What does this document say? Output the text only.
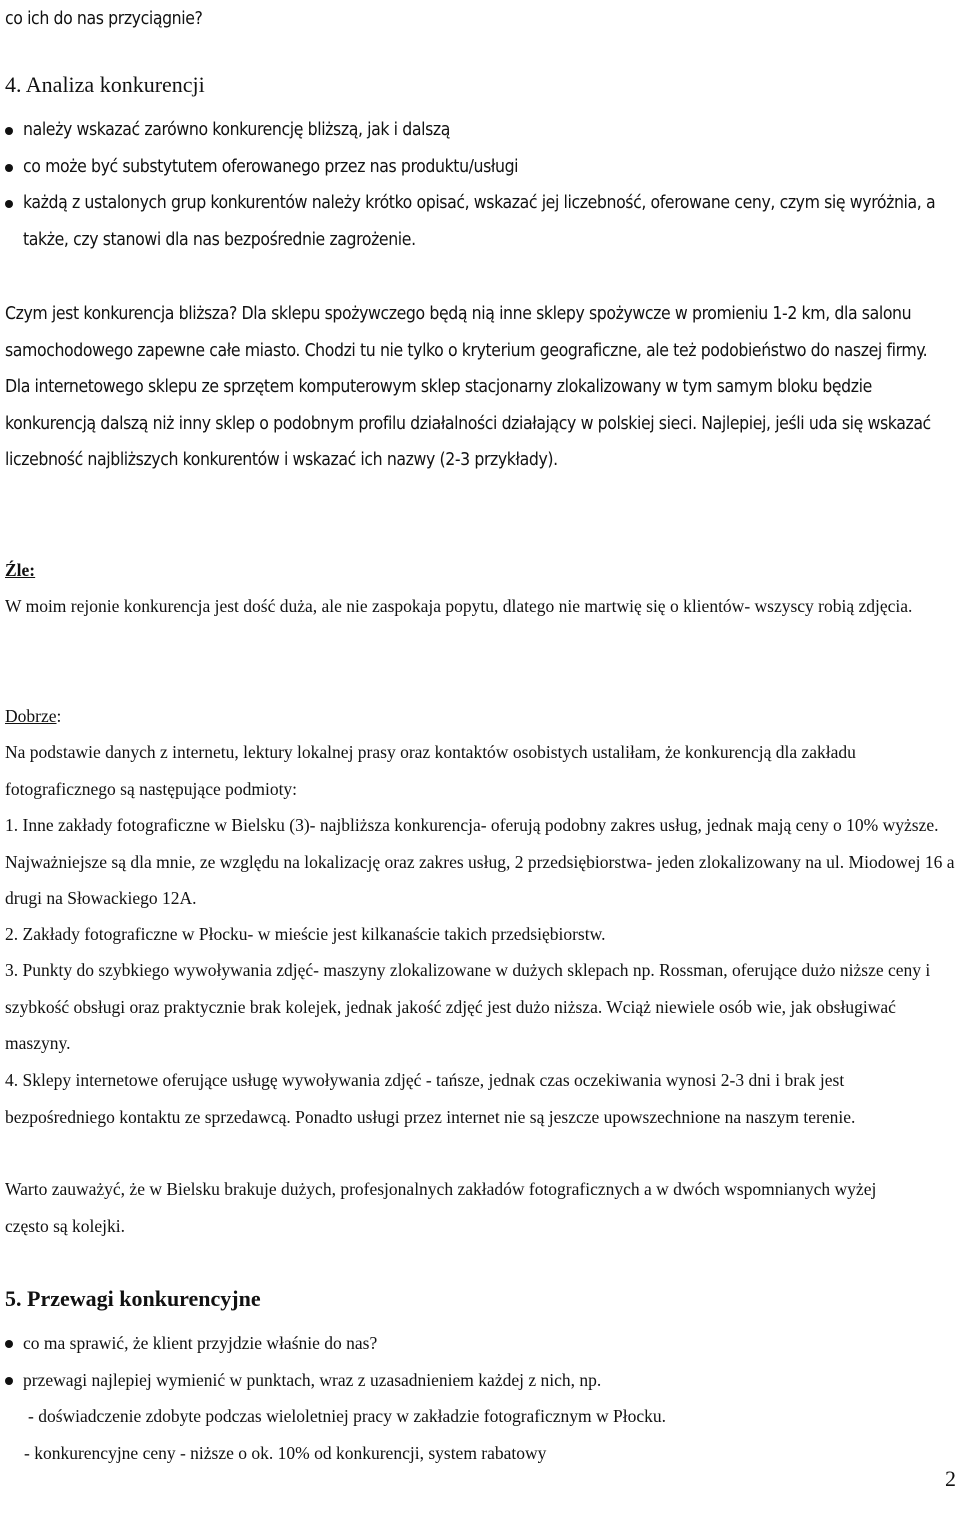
co ich do nas przyciągnie?
4. Analiza konkurencji
należy wskazać zarówno konkurencję bliższą, jak i dalszą
co może być substytutem oferowanego przez nas produktu/usługi
każdą z ustalonych grup konkurentów należy krótko opisać, wskazać jej liczebność, oferowane ceny, czym się wyróżnia, a także, czy stanowi dla nas bezpośrednie zagrożenie.

Czym jest konkurencja bliższa? Dla sklepu spożywczego będą nią inne sklepy spożywcze w promieniu 1-2 km, dla salonu samochodowego zapewne całe miasto. Chodzi tu nie tylko o kryterium geograficzne, ale też podobieństwo do naszej firmy. Dla internetowego sklepu ze sprzętem komputerowym sklep stacjonarny zlokalizowany w tym samym bloku będzie konkurencją dalszą niż inny sklep o podobnym profilu działalności działający w polskiej sieci. Najlepiej, jeśli uda się wskazać liczebność najbliższych konkurentów i wskazać ich nazwy (2-3 przykłady).

Źle:

W moim rejonie konkurencja jest dość duża, ale nie zaspokaja popytu, dlatego nie martwię się o klientów- wszyscy robią zdjęcia.

Dobrze:

Na podstawie danych z internetu, lektury lokalnej prasy oraz kontaktów osobistych ustaliłam, że konkurencją dla zakładu fotograficznego są następujące podmioty:

1. Inne zakłady fotograficzne w Bielsku (3)- najbliższa konkurencja- oferują podobny zakres usług, jednak mają ceny o 10% wyższe. Najważniejsze są dla mnie, ze względu na lokalizację oraz zakres usług, 2 przedsiębiorstwa- jeden zlokalizowany na ul. Miodowej 16 a drugi na Słowackiego 12A.

2. Zakłady fotograficzne w Płocku- w mieście jest kilkanaście takich przedsiębiorstw.

3. Punkty do szybkiego wywoływania zdjęć- maszyny zlokalizowane w dużych sklepach np. Rossman, oferujące dużo niższe ceny i szybkość obsługi oraz praktycznie brak kolejek, jednak jakość zdjęć jest dużo niższa. Wciąż niewiele osób wie, jak obsługiwać maszyny.

4. Sklepy internetowe oferujące usługę wywoływania zdjęć - tańsze, jednak czas oczekiwania wynosi 2-3 dni i brak jest bezpośredniego kontaktu ze sprzedawcą. Ponadto usługi przez internet nie są jeszcze upowszechnione na naszym terenie.

Warto zauważyć, że w Bielsku brakuje dużych, profesjonalnych zakładów fotograficznych a w dwóch wspomnianych wyżej często są kolejki.

5. Przewagi konkurencyjne
co ma sprawić, że klient przyjdzie właśnie do nas?
przewagi najlepiej wymienić w punktach, wraz z uzasadnieniem każdej z nich, np.
- doświadczenie zdobyte podczas wieloletniej pracy w zakładzie fotograficznym w Płocku.
- konkurencyjne ceny - niższe o ok. 10% od konkurencji, system rabatowy
2
